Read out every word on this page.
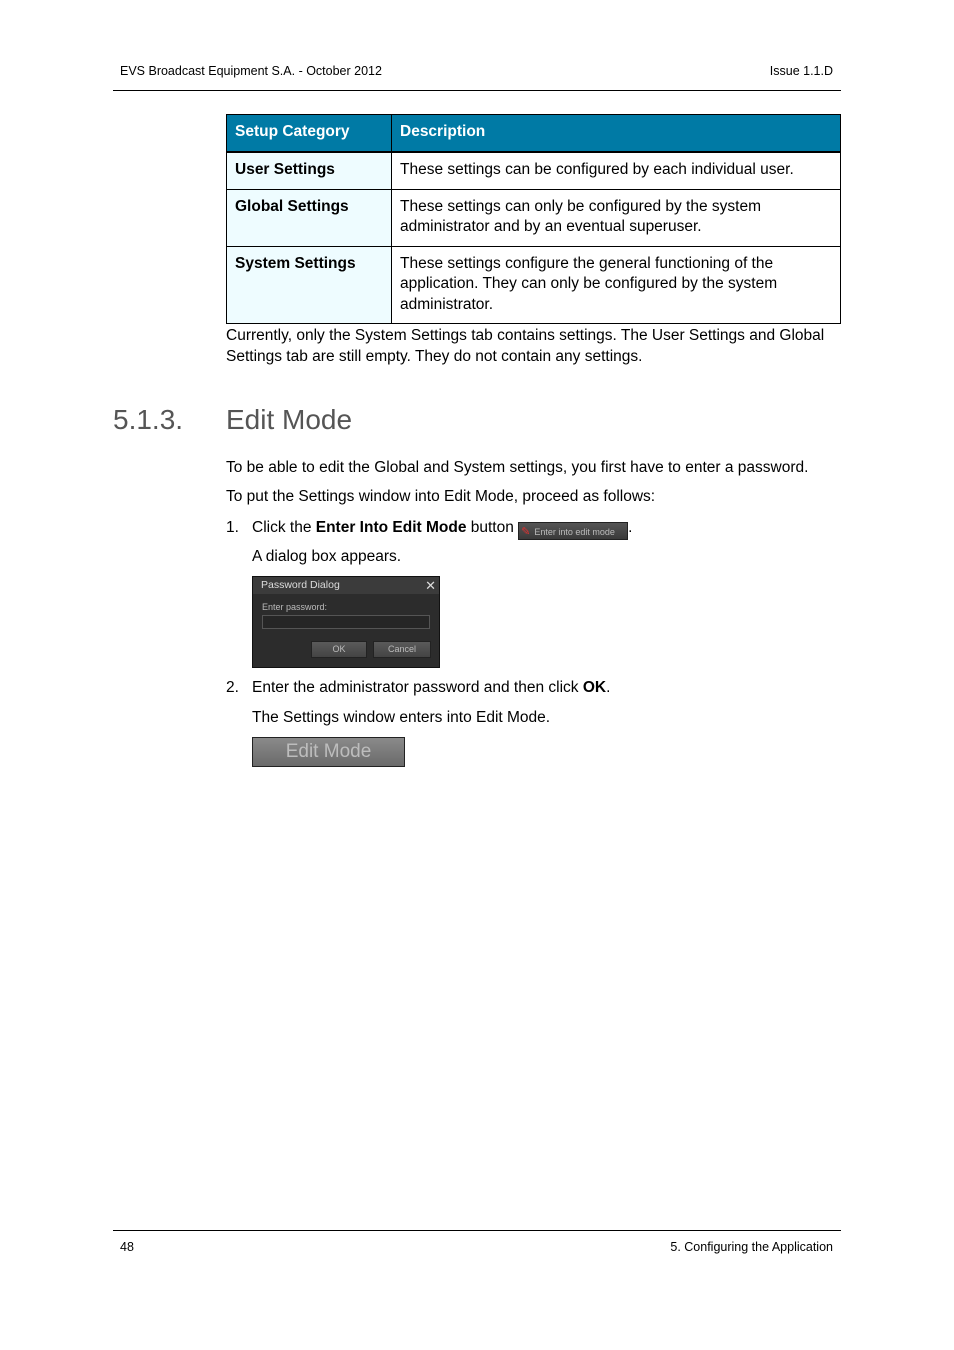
EVS Broadcast Equipment S.A. - October 2012	Issue 1.1.D
Setup Category	Description
User Settings	These settings can be configured by each individual user.
Global Settings	These settings can only be configured by the system administrator and by an eventual superuser.
System Settings	These settings configure the general functioning of the application. They can only be configured by the system administrator.
Currently, only the System Settings tab contains settings. The User Settings and Global Settings tab are still empty. They do not contain any settings.
5.1.3. Edit Mode
To be able to edit the Global and System settings, you first have to enter a password.
To put the Settings window into Edit Mode, proceed as follows:
1. Click the Enter Into Edit Mode button ✎ Enter into edit mode .
A dialog box appears.
Password Dialog	✕
Enter password:
OK	Cancel
2. Enter the administrator password and then click OK.
The Settings window enters into Edit Mode.
Edit Mode
48	5. Configuring the Application
